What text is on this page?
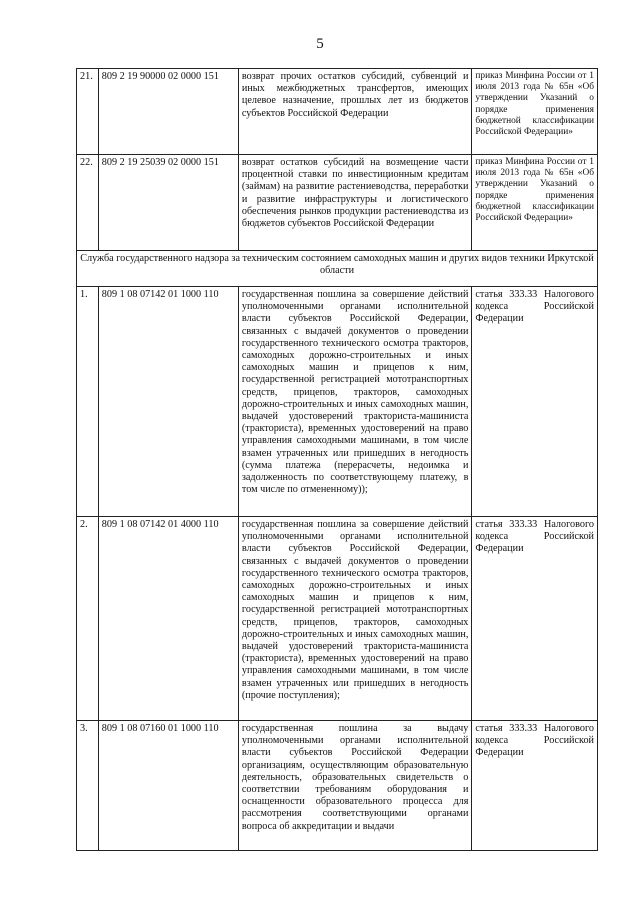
5
21.	809 2 19 90000 02 0000 151	возврат прочих остатков субсидий, субвенций и иных межбюджетных трансфертов, имеющих целевое назначение, прошлых лет из бюджетов субъектов Российской Федерации	приказ Минфина России от 1 июля 2013 года № 65н «Об утверждении Указаний о порядке применения бюджетной классификации Российской Федерации»
22.	809 2 19 25039 02 0000 151	возврат остатков субсидий на возмещение части процентной ставки по инвестиционным кредитам (займам) на развитие растениеводства, переработки и развитие инфраструктуры и логистического обеспечения рынков продукции растениеводства из бюджетов субъектов Российской Федерации	приказ Минфина России от 1 июля 2013 года № 65н «Об утверждении Указаний о порядке применения бюджетной классификации Российской Федерации»
Служба государственного надзора за техническим состоянием самоходных машин и других видов техники Иркутской области			
1.	809 1 08 07142 01 1000 110	государственная пошлина за совершение действий уполномоченными органами исполнительной власти субъектов Российской Федерации, связанных с выдачей документов о проведении государственного технического осмотра тракторов, самоходных дорожно-строительных и иных самоходных машин и прицепов к ним, государственной регистрацией мототранспортных средств, прицепов, тракторов, самоходных дорожно-строительных и иных самоходных машин, выдачей удостоверений тракториста-машиниста (тракториста), временных удостоверений на право управления самоходными машинами, в том числе взамен утраченных или пришедших в негодность (сумма платежа (перерасчеты, недоимка и задолженность по соответствующему платежу, в том числе по отмененному));	статья 333.33 Налогового кодекса Российской Федерации
2.	809 1 08 07142 01 4000 110	государственная пошлина за совершение действий уполномоченными органами исполнительной власти субъектов Российской Федерации, связанных с выдачей документов о проведении государственного технического осмотра тракторов, самоходных дорожно-строительных и иных самоходных машин и прицепов к ним, государственной регистрацией мототранспортных средств, прицепов, тракторов, самоходных дорожно-строительных и иных самоходных машин, выдачей удостоверений тракториста-машиниста (тракториста), временных удостоверений на право управления самоходными машинами, в том числе взамен утраченных или пришедших в негодность (прочие поступления);	статья 333.33 Налогового кодекса Российской Федерации
3.	809 1 08 07160 01 1000 110	государственная пошлина за выдачу уполномоченными органами исполнительной власти субъектов Российской Федерации организациям, осуществляющим образовательную деятельность, образовательных свидетельств о соответствии требованиям оборудования и оснащенности образовательного процесса для рассмотрения соответствующими органами вопроса об аккредитации и выдачи	статья 333.33 Налогового кодекса Российской Федерации
